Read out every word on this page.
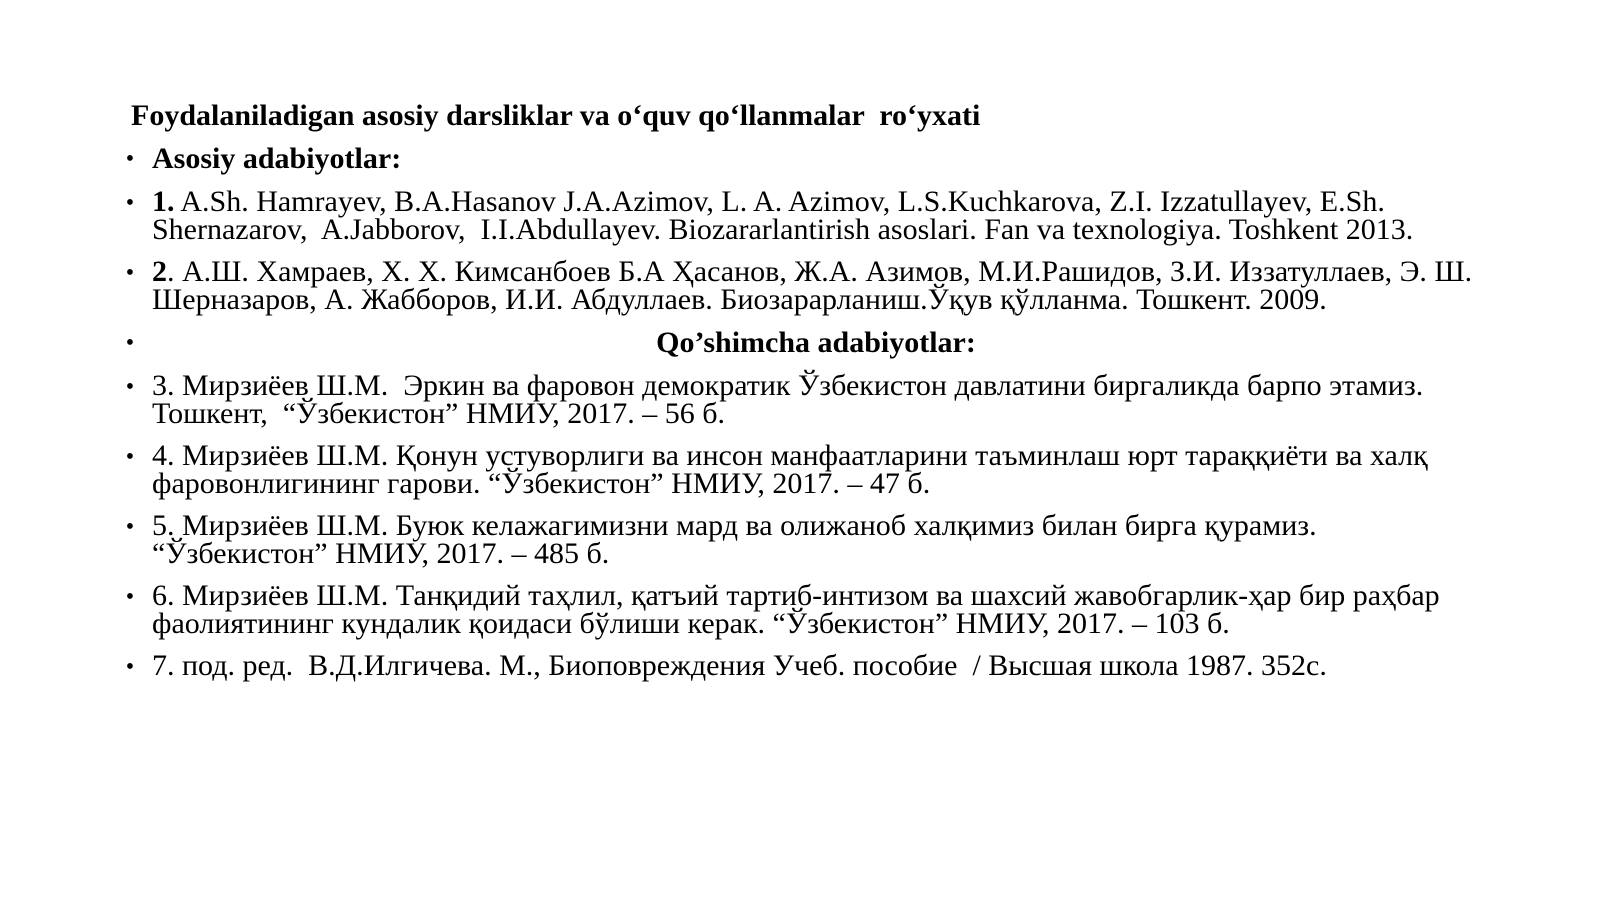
Foydalaniladigan asosiy darsliklar va oʻquv qoʻllanmalar  roʻyxati
• Asosiy adabiyotlar:
• 1. A.Sh. Hamrayev, B.A.Hasanov J.A.Azimov, L. A. Azimov, L.S.Kuchkarova, Z.I. Izzatullayev, E.Sh. Shernazarov,  A.Jabborov,  I.I.Abdullayev. Biozararlantirish asoslari. Fan va texnologiya. Toshkent 2013.
• 2. А.Ш. Хамраев, Х. Х. Кимсанбоев Б.А Ҳасанов, Ж.А. Азимов, М.И.Рашидов, З.И. Иззатуллаев, Э. Ш. Шерназаров, А. Жабборов, И.И. Абдуллаев. Биозарарланиш.Ўқув қўлланма. Тошкент. 2009.
•	Qo’shimcha adabiyotlar:
• 3. Мирзиёев Ш.М.  Эркин ва фаровон демократик Ўзбекистон давлатини биргаликда барпо этамиз. Тошкент,  “Ўзбекистон” НМИУ, 2017. – 56 б.
• 4. Мирзиёев Ш.М. Қонун устуворлиги ва инсон манфаатларини таъминлаш юрт тараққиёти ва халқ фаровонлигининг гарови. “Ўзбекистон” НМИУ, 2017. – 47 б.
• 5. Мирзиёев Ш.М. Буюк келажагимизни мард ва олижаноб халқимиз билан бирга қурамиз. “Ўзбекистон” НМИУ, 2017. – 485 б.
• 6. Мирзиёев Ш.М. Танқидий таҳлил, қатъий тартиб-интизом ва шахсий жавобгарлик-ҳар бир раҳбар фаолиятининг кундалик қоидаси бўлиши керак. “Ўзбекистон” НМИУ, 2017. – 103 б.
• 7. под. ред.  В.Д.Илгичева. М., Биоповреждения Учеб. пособие  / Высшая школа 1987. 352с.
